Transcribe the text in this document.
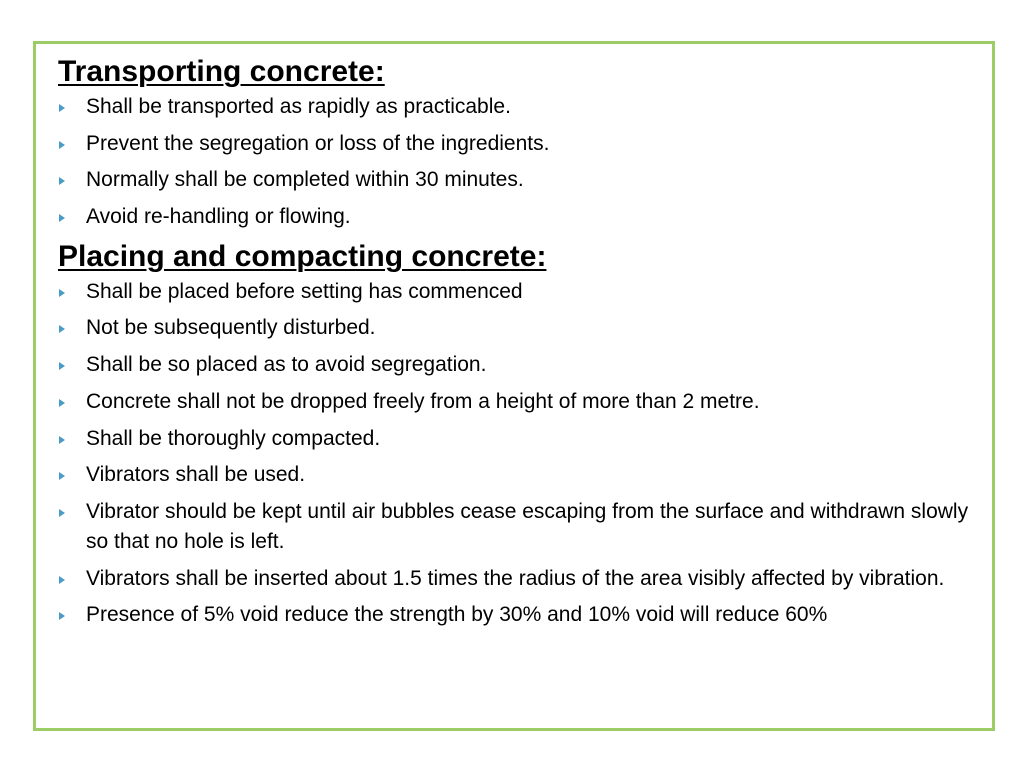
Transporting concrete:
Shall be transported as rapidly as practicable.
Prevent the segregation or loss of the ingredients.
Normally shall be completed within 30 minutes.
Avoid re-handling or flowing.
Placing and compacting concrete:
Shall be placed before setting has commenced
Not be subsequently disturbed.
Shall be so placed as to avoid segregation.
Concrete shall not be dropped freely from a height of more than 2 metre.
Shall be thoroughly compacted.
Vibrators shall be used.
Vibrator should be kept until air bubbles cease escaping from the surface and withdrawn slowly so that no hole is left.
Vibrators shall be inserted about 1.5 times the radius of the area visibly affected by vibration.
Presence of 5% void reduce the strength by 30% and 10% void will reduce 60%
